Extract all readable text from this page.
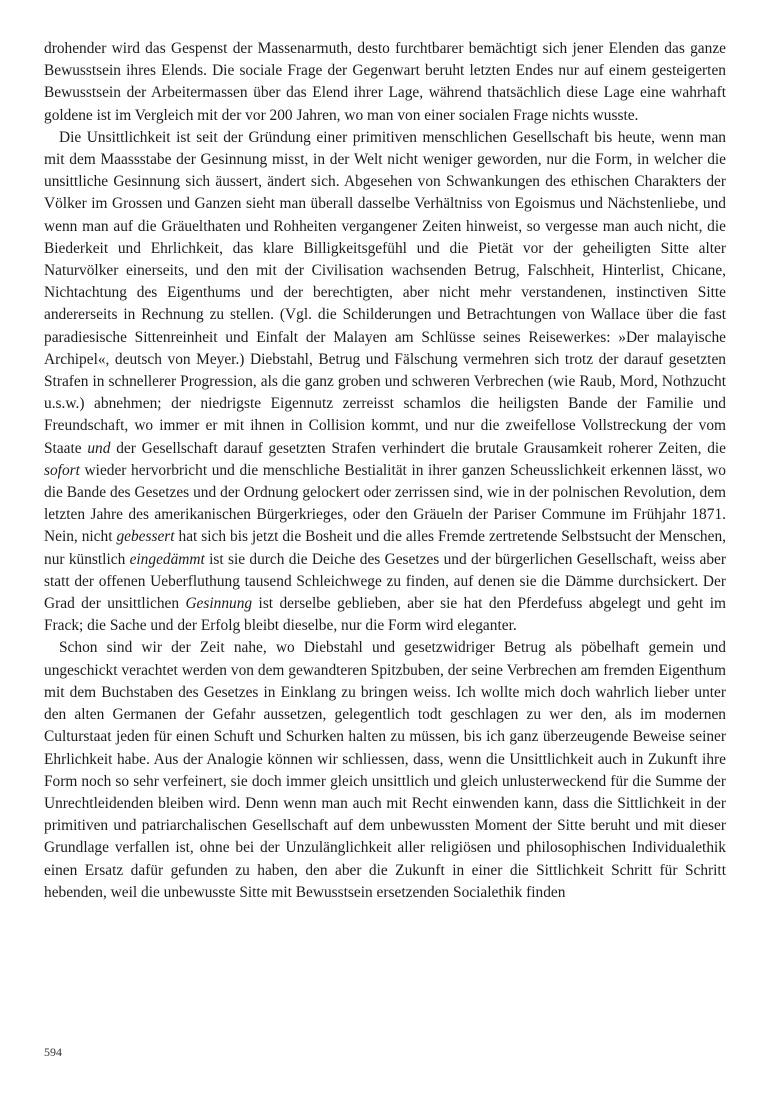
drohender wird das Gespenst der Massenarmuth, desto furchtbarer bemächtigt sich jener Elenden das ganze Bewusstsein ihres Elends. Die sociale Frage der Gegenwart beruht letzten Endes nur auf einem gesteigerten Bewusstsein der Arbeitermassen über das Elend ihrer Lage, während thatsächlich diese Lage eine wahrhaft goldene ist im Vergleich mit der vor 200 Jahren, wo man von einer socialen Frage nichts wusste.

Die Unsittlichkeit ist seit der Gründung einer primitiven menschlichen Gesellschaft bis heute, wenn man mit dem Maassstabe der Gesinnung misst, in der Welt nicht weniger geworden, nur die Form, in welcher die unsittliche Gesinnung sich äussert, ändert sich. Abgesehen von Schwankungen des ethischen Charakters der Völker im Grossen und Ganzen sieht man überall dasselbe Verhältniss von Egoismus und Nächstenliebe, und wenn man auf die Gräuelthaten und Rohheiten vergangener Zeiten hinweist, so vergesse man auch nicht, die Biederkeit und Ehrlichkeit, das klare Billigkeitsgefühl und die Pietät vor der geheiligten Sitte alter Naturvölker einerseits, und den mit der Civilisation wachsenden Betrug, Falschheit, Hinterlist, Chicane, Nichtachtung des Eigenthums und der berechtigten, aber nicht mehr verstandenen, instinctiven Sitte andererseits in Rechnung zu stellen. (Vgl. die Schilderungen und Betrachtungen von Wallace über die fast paradiesische Sittenreinheit und Einfalt der Malayen am Schlüsse seines Reisewerkes: »Der malayische Archipel«, deutsch von Meyer.) Diebstahl, Betrug und Fälschung vermehren sich trotz der darauf gesetzten Strafen in schnellerer Progression, als die ganz groben und schweren Verbrechen (wie Raub, Mord, Nothzucht u.s.w.) abnehmen; der niedrigste Eigennutz zerreisst schamlos die heiligsten Bande der Familie und Freundschaft, wo immer er mit ihnen in Collision kommt, und nur die zweifellose Vollstreckung der vom Staate und der Gesellschaft darauf gesetzten Strafen verhindert die brutale Grausamkeit roherer Zeiten, die sofort wieder hervorbricht und die menschliche Bestialität in ihrer ganzen Scheusslichkeit erkennen lässt, wo die Bande des Gesetzes und der Ordnung gelockert oder zerrissen sind, wie in der polnischen Revolution, dem letzten Jahre des amerikanischen Bürgerkrieges, oder den Gräueln der Pariser Commune im Frühjahr 1871. Nein, nicht gebessert hat sich bis jetzt die Bosheit und die alles Fremde zertretende Selbstsucht der Menschen, nur künstlich eingedämmt ist sie durch die Deiche des Gesetzes und der bürgerlichen Gesellschaft, weiss aber statt der offenen Ueberfluthung tausend Schleichwege zu finden, auf denen sie die Dämme durchsickert. Der Grad der unsittlichen Gesinnung ist derselbe geblieben, aber sie hat den Pferdefuss abgelegt und geht im Frack; die Sache und der Erfolg bleibt dieselbe, nur die Form wird eleganter.

Schon sind wir der Zeit nahe, wo Diebstahl und gesetzwidriger Betrug als pöbelhaft gemein und ungeschickt verachtet werden von dem gewandteren Spitzbuben, der seine Verbrechen am fremden Eigenthum mit dem Buchstaben des Gesetzes in Einklang zu bringen weiss. Ich wollte mich doch wahrlich lieber unter den alten Germanen der Gefahr aussetzen, gelegentlich todt geschlagen zu wer den, als im modernen Culturstaat jeden für einen Schuft und Schurken halten zu müssen, bis ich ganz überzeugende Beweise seiner Ehrlichkeit habe. Aus der Analogie können wir schliessen, dass, wenn die Unsittlichkeit auch in Zukunft ihre Form noch so sehr verfeinert, sie doch immer gleich unsittlich und gleich unlusterweckend für die Summe der Unrechtleidenden bleiben wird. Denn wenn man auch mit Recht einwenden kann, dass die Sittlichkeit in der primitiven und patriarchalischen Gesellschaft auf dem unbewussten Moment der Sitte beruht und mit dieser Grundlage verfallen ist, ohne bei der Unzulänglichkeit aller religiösen und philosophischen Individualethik einen Ersatz dafür gefunden zu haben, den aber die Zukunft in einer die Sittlichkeit Schritt für Schritt hebenden, weil die unbewusste Sitte mit Bewusstsein ersetzenden Socialethik finden

594
